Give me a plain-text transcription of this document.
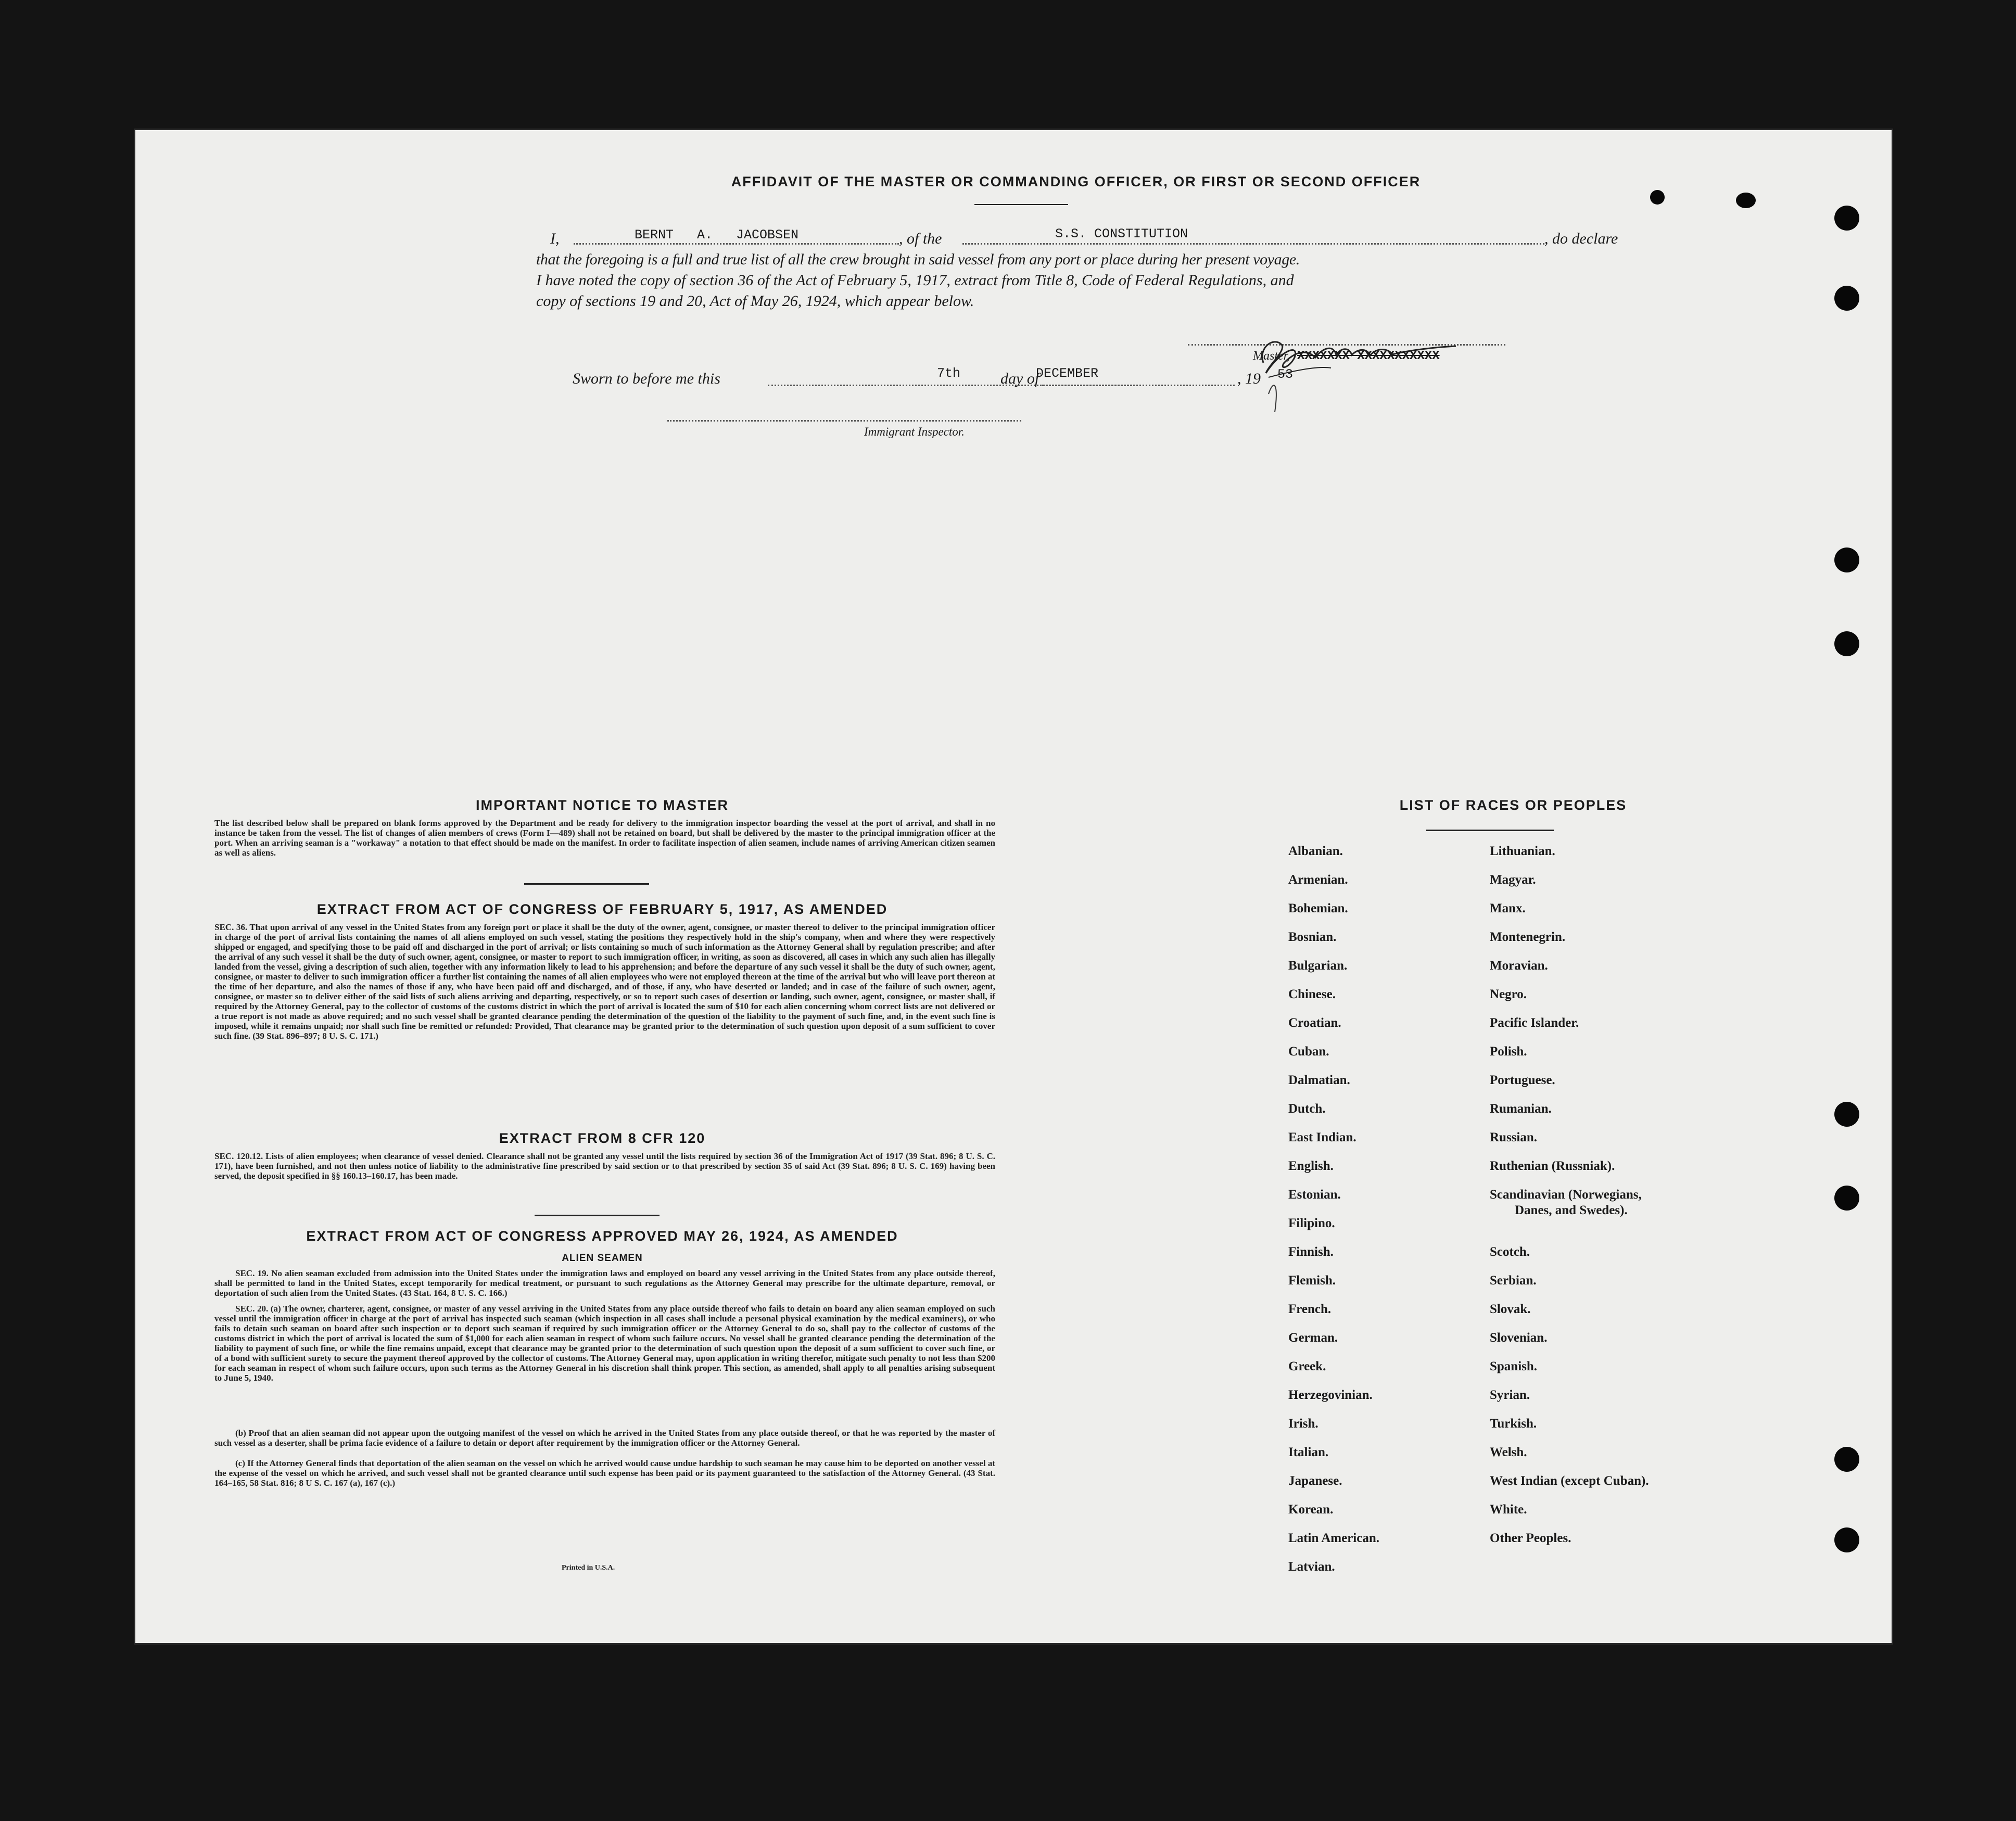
AFFIDAVIT OF THE MASTER OR COMMANDING OFFICER, OR FIRST OR SECOND OFFICER
I,	BERNT   A.   JACOBSEN	, of the	S.S. CONSTITUTION	, do declare
that the foregoing is a full and true list of all the crew brought in said vessel from any port or place during her present voyage.
I have noted the copy of section 36 of the Act of February 5, 1917, extract from Title 8, Code of Federal Regulations, and
copy of sections 19 and 20, Act of May 26, 1924, which appear below.
Master, XXXXXXX XXXXXXXXXXX
Sworn to before me this	7th	day of
DECEMBER	, 19 53
Immigrant Inspector.
IMPORTANT NOTICE TO MASTER
The list described below shall be prepared on blank forms approved by the Department and be ready for delivery to the immigration inspector boarding the vessel at the port of arrival, and shall in no instance be taken from the vessel. The list of changes of alien members of crews (Form I—489) shall not be retained on board, but shall be delivered by the master to the principal immigration officer at the port. When an arriving seaman is a "workaway" a notation to that effect should be made on the manifest. In order to facilitate inspection of alien seamen, include names of arriving American citizen seamen as well as aliens.
EXTRACT FROM ACT OF CONGRESS OF FEBRUARY 5, 1917, AS AMENDED
SEC. 36. That upon arrival of any vessel in the United States from any foreign port or place it shall be the duty of the owner, agent, consignee, or master thereof to deliver to the principal immigration officer in charge of the port of arrival lists containing the names of all aliens employed on such vessel, stating the positions they respectively hold in the ship's company, when and where they were respectively shipped or engaged, and specifying those to be paid off and discharged in the port of arrival; or lists containing so much of such information as the Attorney General shall by regulation prescribe; and after the arrival of any such vessel it shall be the duty of such owner, agent, consignee, or master to report to such immigration officer, in writing, as soon as discovered, all cases in which any such alien has illegally landed from the vessel, giving a description of such alien, together with any information likely to lead to his apprehension; and before the departure of any such vessel it shall be the duty of such owner, agent, consignee, or master to deliver to such immigration officer a further list containing the names of all alien employees who were not employed thereon at the time of the arrival but who will leave port thereon at the time of her departure, and also the names of those if any, who have been paid off and discharged, and of those, if any, who have deserted or landed; and in case of the failure of such owner, agent, consignee, or master so to deliver either of the said lists of such aliens arriving and departing, respectively, or so to report such cases of desertion or landing, such owner, agent, consignee, or master shall, if required by the Attorney General, pay to the collector of customs of the customs district in which the port of arrival is located the sum of $10 for each alien concerning whom correct lists are not delivered or a true report is not made as above required; and no such vessel shall be granted clearance pending the determination of the question of the liability to the payment of such fine, and, in the event such fine is imposed, while it remains unpaid; nor shall such fine be remitted or refunded: Provided, That clearance may be granted prior to the determination of such question upon deposit of a sum sufficient to cover such fine. (39 Stat. 896–897; 8 U. S. C. 171.)
EXTRACT FROM 8 CFR 120
SEC. 120.12. Lists of alien employees; when clearance of vessel denied. Clearance shall not be granted any vessel until the lists required by section 36 of the Immigration Act of 1917 (39 Stat. 896; 8 U. S. C. 171), have been furnished, and not then unless notice of liability to the administrative fine prescribed by said section or to that prescribed by section 35 of said Act (39 Stat. 896; 8 U. S. C. 169) having been served, the deposit specified in §§ 160.13–160.17, has been made.
EXTRACT FROM ACT OF CONGRESS APPROVED MAY 26, 1924, AS AMENDED
ALIEN SEAMEN
SEC. 19. No alien seaman excluded from admission into the United States under the immigration laws and employed on board any vessel arriving in the United States from any place outside thereof, shall be permitted to land in the United States, except temporarily for medical treatment, or pursuant to such regulations as the Attorney General may prescribe for the ultimate departure, removal, or deportation of such alien from the United States. (43 Stat. 164, 8 U. S. C. 166.)
SEC. 20. (a) The owner, charterer, agent, consignee, or master of any vessel arriving in the United States from any place outside thereof who fails to detain on board any alien seaman employed on such vessel until the immigration officer in charge at the port of arrival has inspected such seaman (which inspection in all cases shall include a personal physical examination by the medical examiners), or who fails to detain such seaman on board after such inspection or to deport such seaman if required by such immigration officer or the Attorney General to do so, shall pay to the collector of customs of the customs district in which the port of arrival is located the sum of $1,000 for each alien seaman in respect of whom such failure occurs. No vessel shall be granted clearance pending the determination of the liability to payment of such fine, or while the fine remains unpaid, except that clearance may be granted prior to the determination of such question upon the deposit of a sum sufficient to cover such fine, or of a bond with sufficient surety to secure the payment thereof approved by the collector of customs. The Attorney General may, upon application in writing therefor, mitigate such penalty to not less than $200 for each seaman in respect of whom such failure occurs, upon such terms as the Attorney General in his discretion shall think proper. This section, as amended, shall apply to all penalties arising subsequent to June 5, 1940.
(b) Proof that an alien seaman did not appear upon the outgoing manifest of the vessel on which he arrived in the United States from any place outside thereof, or that he was reported by the master of such vessel as a deserter, shall be prima facie evidence of a failure to detain or deport after requirement by the immigration officer or the Attorney General.
(c) If the Attorney General finds that deportation of the alien seaman on the vessel on which he arrived would cause undue hardship to such seaman he may cause him to be deported on another vessel at the expense of the vessel on which he arrived, and such vessel shall not be granted clearance until such expense has been paid or its payment guaranteed to the satisfaction of the Attorney General. (43 Stat. 164–165, 58 Stat. 816; 8 U S. C. 167 (a), 167 (c).)
Printed in U.S.A.
LIST OF RACES OR PEOPLES
Albanian.
Armenian.
Bohemian.
Bosnian.
Bulgarian.
Chinese.
Croatian.
Cuban.
Dalmatian.
Dutch.
East Indian.
English.
Estonian.
Filipino.
Finnish.
Flemish.
French.
German.
Greek.
Herzegovinian.
Irish.
Italian.
Japanese.
Korean.
Latin American.
Latvian.
Lithuanian.
Magyar.
Manx.
Montenegrin.
Moravian.
Negro.
Pacific Islander.
Polish.
Portuguese.
Rumanian.
Russian.
Ruthenian (Russniak).
Scandinavian (Norwegians,
Danes, and Swedes).
Scotch.
Serbian.
Slovak.
Slovenian.
Spanish.
Syrian.
Turkish.
Welsh.
West Indian (except Cuban).
White.
Other Peoples.
